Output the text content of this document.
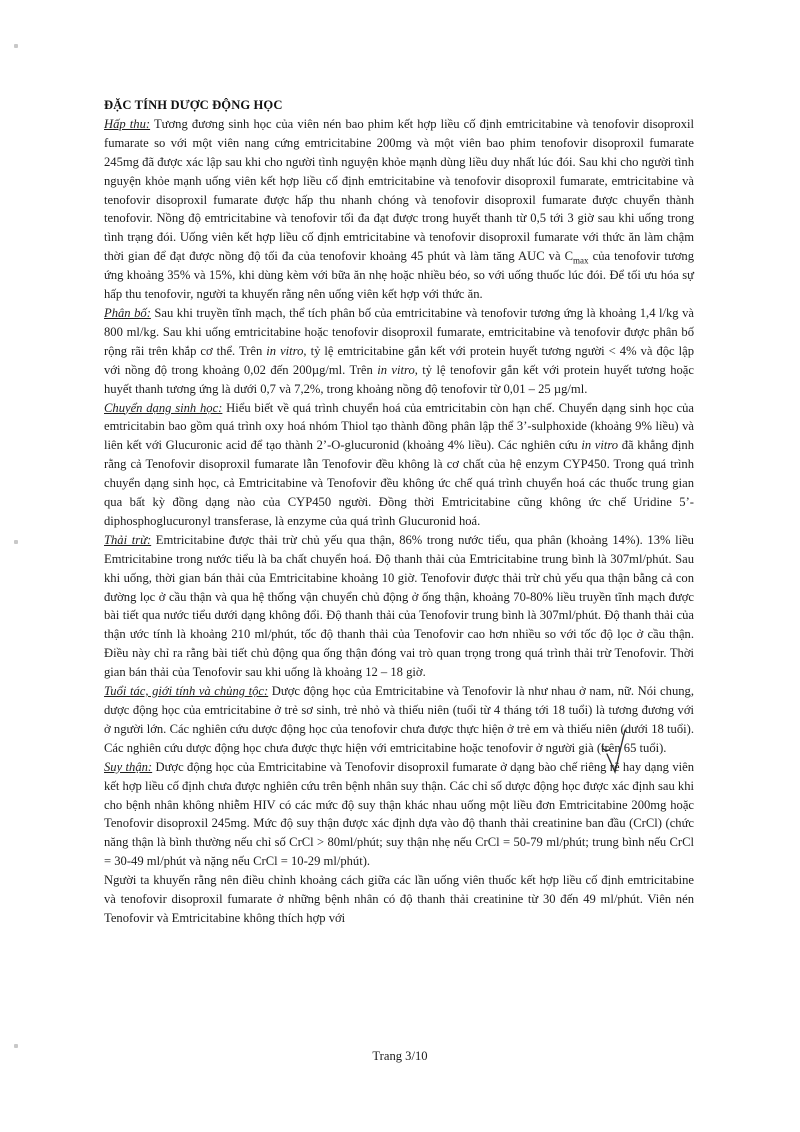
ĐẶC TÍNH DƯỢC ĐỘNG HỌC

Hấp thu: Tương đương sinh học của viên nén bao phim kết hợp liều cố định emtricitabine và tenofovir disoproxil fumarate so với một viên nang cứng emtricitabine 200mg và một viên bao phim tenofovir disoproxil fumarate 245mg đã được xác lập sau khi cho người tình nguyện khỏe mạnh dùng liều duy nhất lúc đói. Sau khi cho người tình nguyện khỏe mạnh uống viên kết hợp liều cố định emtricitabine và tenofovir disoproxil fumarate, emtricitabine và tenofovir disoproxil fumarate được hấp thu nhanh chóng và tenofovir disoproxil fumarate được chuyển thành tenofovir. Nồng độ emtricitabine và tenofovir tối đa đạt được trong huyết thanh từ 0,5 tới 3 giờ sau khi uống trong tình trạng đói. Uống viên kết hợp liều cố định emtricitabine và tenofovir disoproxil fumarate với thức ăn làm chậm thời gian để đạt được nồng độ tối đa của tenofovir khoảng 45 phút và làm tăng AUC và $C_{max}$ của tenofovir tương ứng khoảng 35% và 15%, khi dùng kèm với bữa ăn nhẹ hoặc nhiều béo, so với uống thuốc lúc đói. Để tối ưu hóa sự hấp thu tenofovir, người ta khuyến rằng nên uống viên kết hợp với thức ăn.

Phân bố: Sau khi truyền tĩnh mạch, thể tích phân bố của emtricitabine và tenofovir tương ứng là khoảng 1,4 l/kg và 800 ml/kg. Sau khi uống emtricitabine hoặc tenofovir disoproxil fumarate, emtricitabine và tenofovir được phân bố rộng rãi trên khắp cơ thể. Trên in vitro, tỷ lệ emtricitabine gắn kết với protein huyết tương người < 4% và độc lập với nồng độ trong khoảng 0,02 đến 200µg/ml. Trên in vitro, tỷ lệ tenofovir gắn kết với protein huyết tương hoặc huyết thanh tương ứng là dưới 0,7 và 7,2%, trong khoảng nồng độ tenofovir từ 0,01 – 25 µg/ml.

Chuyển dạng sinh học: Hiểu biết về quá trình chuyển hoá của emtricitabin còn hạn chế. Chuyển dạng sinh học của emtricitabin bao gồm quá trình oxy hoá nhóm Thiol tạo thành đồng phân lập thể 3’-sulphoxide (khoảng 9% liều) và liên kết với Glucuronic acid để tạo thành 2’-O-glucuronid (khoảng 4% liều). Các nghiên cứu in vitro đã khẳng định rằng cả Tenofovir disoproxil fumarate lẫn Tenofovir đều không là cơ chất của hệ enzym CYP450. Trong quá trình chuyển dạng sinh học, cả Emtricitabine và Tenofovir đều không ức chế quá trình chuyển hoá các thuốc trung gian qua bất kỳ đồng dạng nào của CYP450 người. Đồng thời Emtricitabine cũng không ức chế Uridine 5’-diphosphoglucuronyl transferase, là enzyme của quá trình Glucuronid hoá.

Thải trừ: Emtricitabine được thải trừ chủ yếu qua thận, 86% trong nước tiểu, qua phân (khoảng 14%). 13% liều Emtricitabine trong nước tiểu là ba chất chuyển hoá. Độ thanh thải của Emtricitabine trung bình là 307ml/phút. Sau khi uống, thời gian bán thải của Emtricitabine khoảng 10 giờ. Tenofovir được thải trừ chủ yếu qua thận bằng cả con đường lọc ở cầu thận và qua hệ thống vận chuyển chủ động ở ống thận, khoảng 70-80% liều truyền tĩnh mạch được bài tiết qua nước tiểu dưới dạng không đổi. Độ thanh thải của Tenofovir trung bình là 307ml/phút. Độ thanh thải của thận ước tính là khoảng 210 ml/phút, tốc độ thanh thải của Tenofovir cao hơn nhiều so với tốc độ lọc ở cầu thận. Điều này chỉ ra rằng bài tiết chủ động qua ống thận đóng vai trò quan trọng trong quá trình thải trừ Tenofovir. Thời gian bán thải của Tenofovir sau khi uống là khoảng 12 – 18 giờ.

Tuổi tác, giới tính và chủng tộc: Dược động học của Emtricitabine và Tenofovir là như nhau ở nam, nữ. Nói chung, dược động học của emtricitabine ở trẻ sơ sinh, trẻ nhỏ và thiếu niên (tuổi từ 4 tháng tới 18 tuổi) là tương đương với ở người lớn. Các nghiên cứu dược động học của tenofovir chưa được thực hiện ở trẻ em và thiếu niên (dưới 18 tuổi). Các nghiên cứu dược động học chưa được thực hiện với emtricitabine hoặc tenofovir ở người già (trên 65 tuổi).

Suy thận: Dược động học của Emtricitabine và Tenofovir disoproxil fumarate ở dạng bào chế riêng rẽ hay dạng viên kết hợp liều cố định chưa được nghiên cứu trên bệnh nhân suy thận. Các chỉ số dược động học được xác định sau khi cho bệnh nhân không nhiễm HIV có các mức độ suy thận khác nhau uống một liều đơn Emtricitabine 200mg hoặc Tenofovir disoproxil 245mg. Mức độ suy thận được xác định dựa vào độ thanh thải creatinine ban đầu (CrCl) (chức năng thận là bình thường nếu chỉ số CrCl > 80ml/phút; suy thận nhẹ nếu CrCl = 50-79 ml/phút; trung bình nếu CrCl = 30-49 ml/phút và nặng nếu CrCl = 10-29 ml/phút).

Người ta khuyến rằng nên điều chỉnh khoảng cách giữa các lần uống viên thuốc kết hợp liều cố định emtricitabine và tenofovir disoproxil fumarate ở những bệnh nhân có độ thanh thải creatinine từ 30 đến 49 ml/phút. Viên nén Tenofovir và Emtricitabine không thích hợp với

Trang 3/10
